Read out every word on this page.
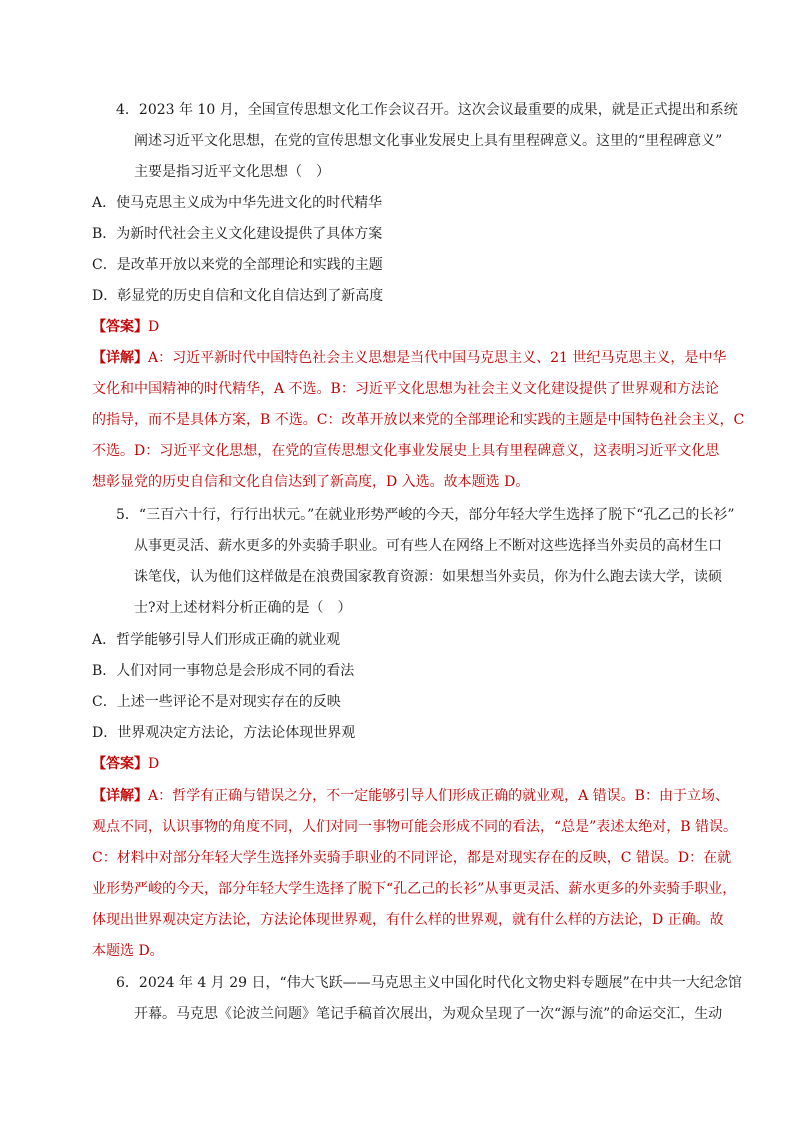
4．2023 年 10 月，全国宣传思想文化工作会议召开。这次会议最重要的成果，就是正式提出和系统
阐述习近平文化思想，在党的宣传思想文化事业发展史上具有里程碑意义。这里的“里程碑意义”
主要是指习近平文化思想（　）
A．使马克思主义成为中华先进文化的时代精华
B．为新时代社会主义文化建设提供了具体方案
C．是改革开放以来党的全部理论和实践的主题
D．彰显党的历史自信和文化自信达到了新高度
【答案】D
【详解】A：习近平新时代中国特色社会主义思想是当代中国马克思主义、21 世纪马克思主义，是中华
文化和中国精神的时代精华，A 不选。B：习近平文化思想为社会主义文化建设提供了世界观和方法论
的指导，而不是具体方案，B 不选。C：改革开放以来党的全部理论和实践的主题是中国特色社会主义，C
不选。D：习近平文化思想，在党的宣传思想文化事业发展史上具有里程碑意义，这表明习近平文化思
想彰显党的历史自信和文化自信达到了新高度，D 入选。故本题选 D。
5．“三百六十行，行行出状元。”在就业形势严峻的今天，部分年轻大学生选择了脱下“孔乙己的长衫”
从事更灵活、薪水更多的外卖骑手职业。可有些人在网络上不断对这些选择当外卖员的高材生口
诛笔伐，认为他们这样做是在浪费国家教育资源：如果想当外卖员，你为什么跑去读大学，读硕
士?对上述材料分析正确的是（　）
A．哲学能够引导人们形成正确的就业观
B．人们对同一事物总是会形成不同的看法
C．上述一些评论不是对现实存在的反映
D．世界观决定方法论，方法论体现世界观
【答案】D
【详解】A：哲学有正确与错误之分，不一定能够引导人们形成正确的就业观，A 错误。B：由于立场、
观点不同，认识事物的角度不同，人们对同一事物可能会形成不同的看法，“总是”表述太绝对，B 错误。
C：材料中对部分年轻大学生选择外卖骑手职业的不同评论，都是对现实存在的反映，C 错误。D：在就
业形势严峻的今天，部分年轻大学生选择了脱下“孔乙己的长衫”从事更灵活、薪水更多的外卖骑手职业，
体现出世界观决定方法论，方法论体现世界观，有什么样的世界观，就有什么样的方法论，D 正确。故
本题选 D。
6．2024 年 4 月 29 日，“伟大飞跃——马克思主义中国化时代化文物史料专题展”在中共一大纪念馆
开幕。马克思《论波兰问题》笔记手稿首次展出，为观众呈现了一次“源与流”的命运交汇，生动
